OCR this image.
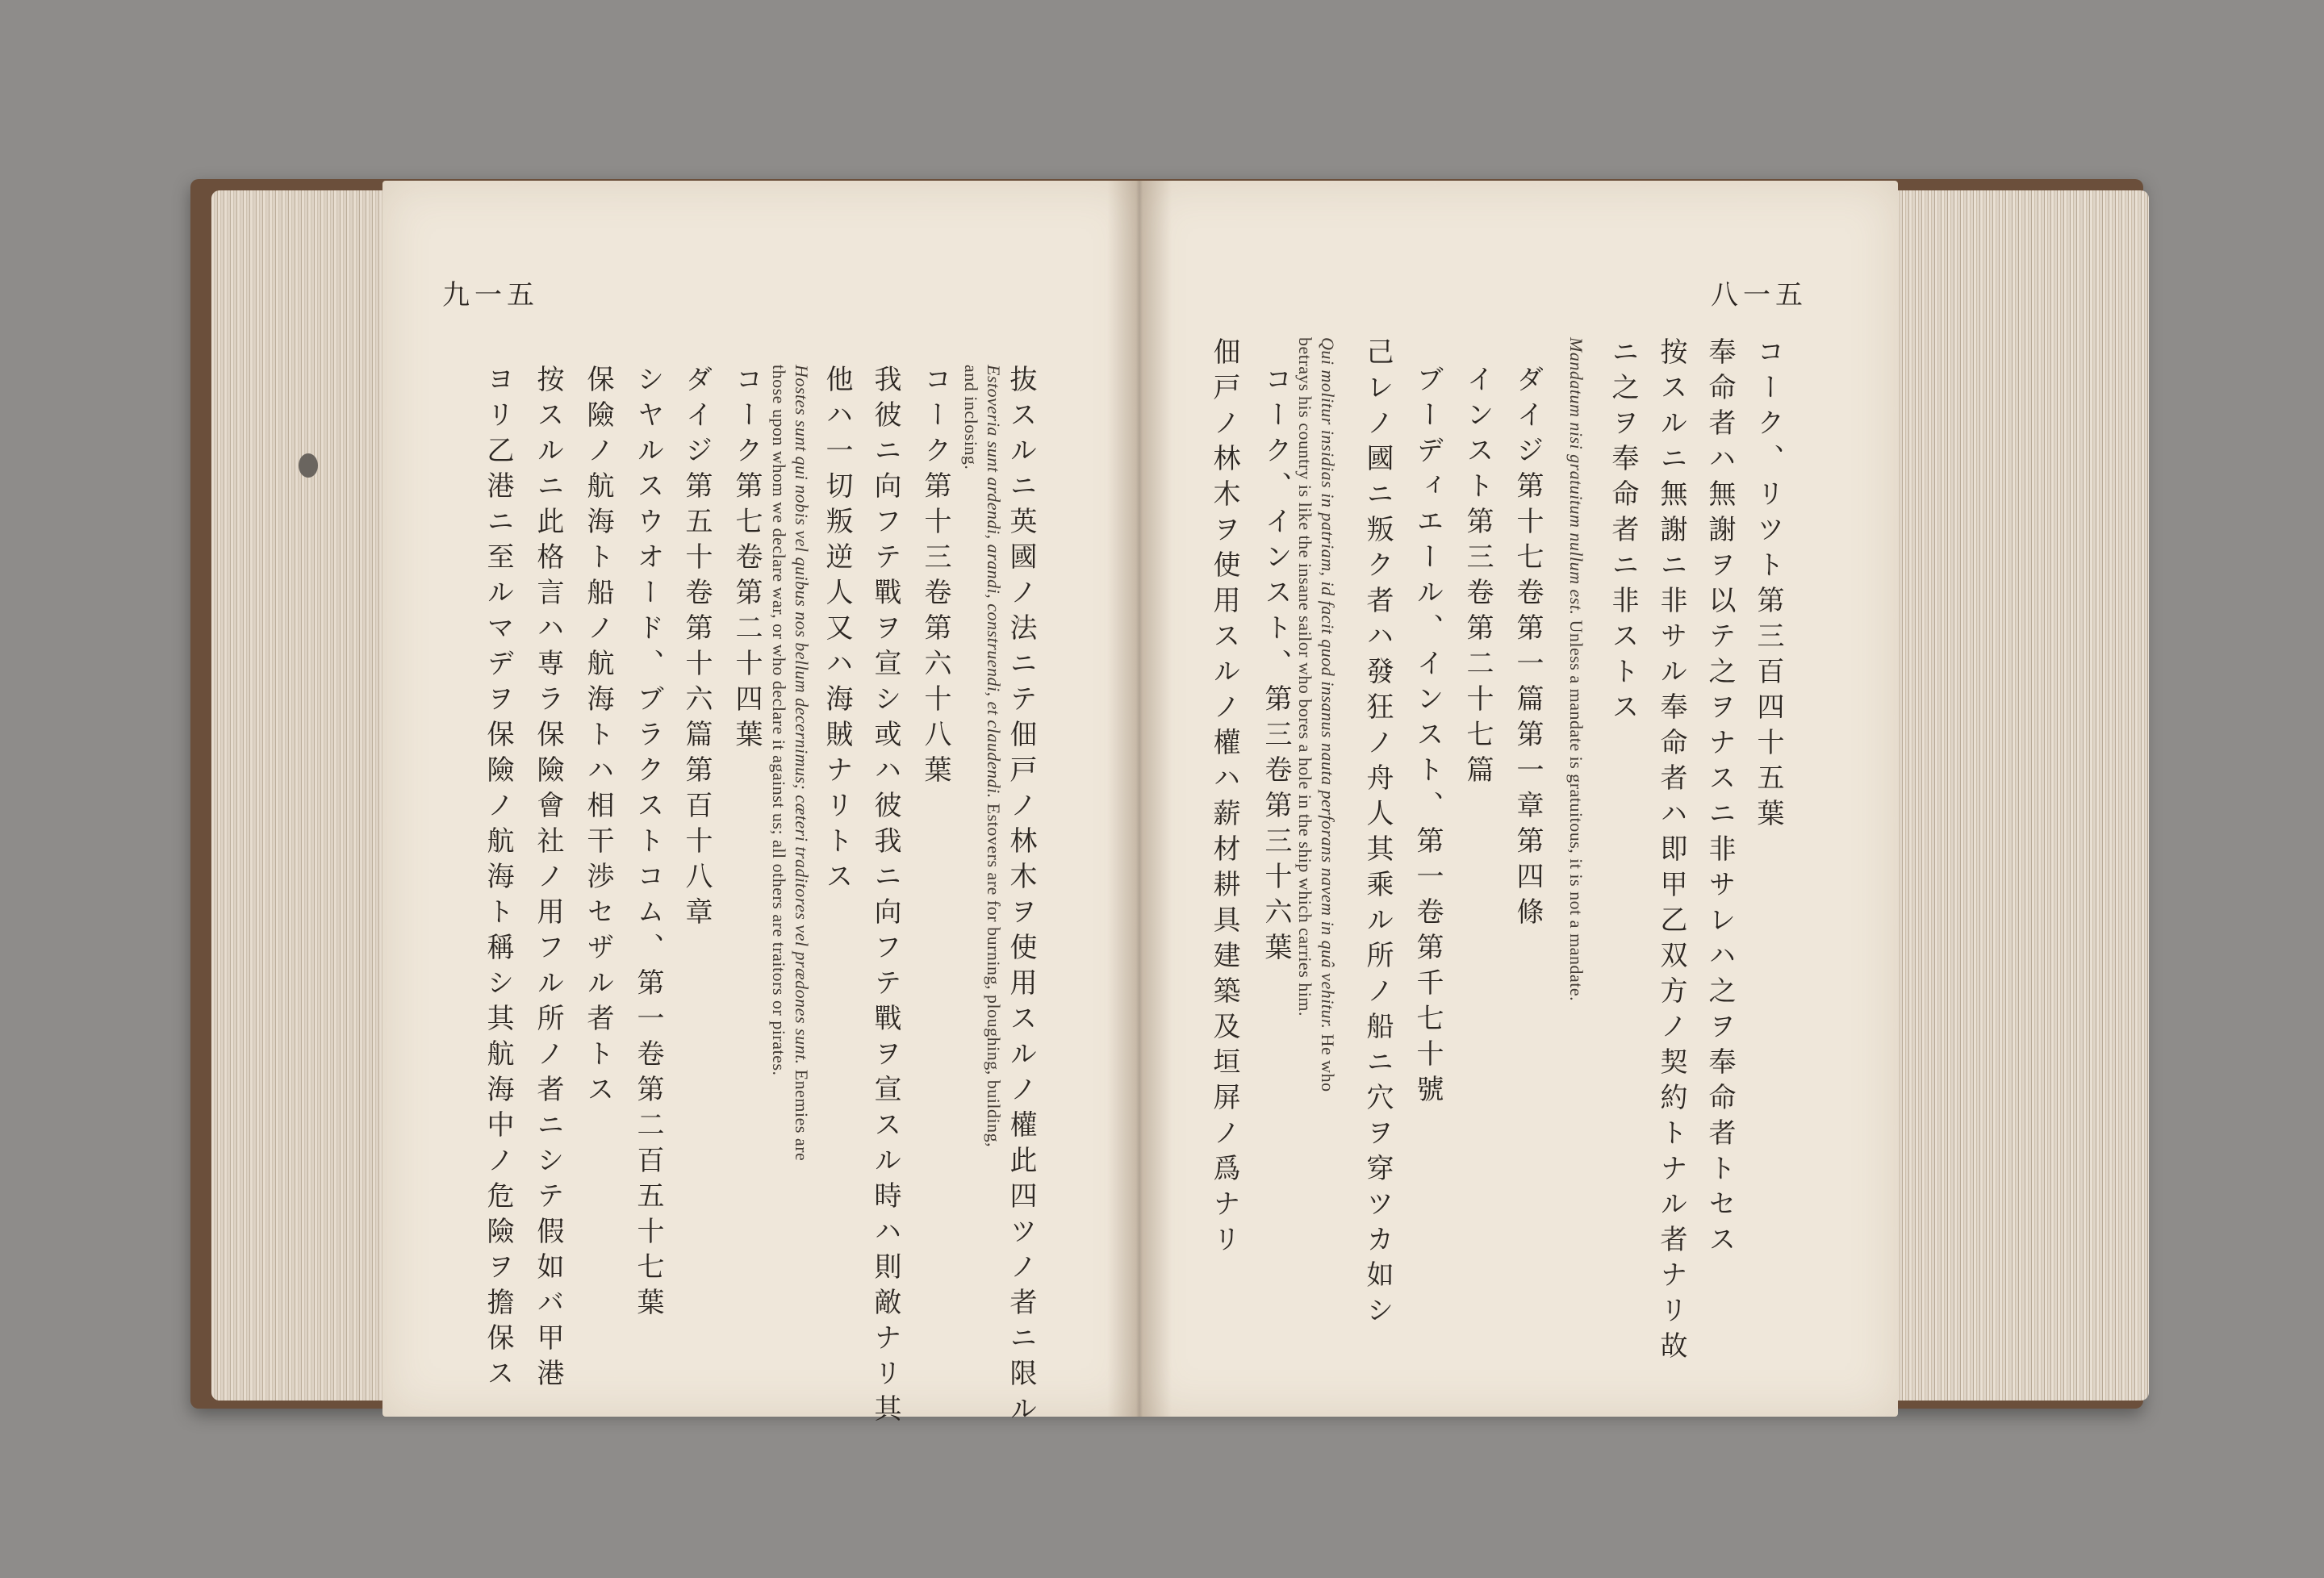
九一五	八一五
抜スルニ英國ノ法ニテ佃戸ノ林木ヲ使用スルノ權此四ツノ者ニ限ル
Estoveria sunt ardendi, arandi, construendi, et claudendi. Estovers are for burning, ploughing, building,
and inclosing.
コーク第十三卷第六十八葉
我彼ニ向フテ戰ヲ宣シ或ハ彼我ニ向フテ戰ヲ宣スル時ハ則敵ナリ其
他ハ一切叛逆人又ハ海賊ナリトス
Hostes sunt qui nobis vel quibus nos bellum decernimus; cæteri traditores vel prædones sunt. Enemies are
those upon whom we declare war, or who declare it against us; all others are traitors or pirates.
コーク第七卷第二十四葉
ダイジ第五十卷第十六篇第百十八章
シヤルスウオード、ブラクストコム、第一卷第二百五十七葉
保險ノ航海ト船ノ航海トハ相干渉セザル者トス
按スルニ此格言ハ専ラ保險會社ノ用フル所ノ者ニシテ假如バ甲港
ヨリ乙港ニ至ルマデヲ保險ノ航海ト稱シ其航海中ノ危險ヲ擔保ス	コーク、リツト第三百四十五葉
奉命者ハ無謝ヲ以テ之ヲナスニ非サレハ之ヲ奉命者トセス
按スルニ無謝ニ非サル奉命者ハ即甲乙双方ノ契約トナル者ナリ故
ニ之ヲ奉命者ニ非ストス
Mandatum nisi gratuitum nullum est. Unless a mandate is gratuitous, it is not a mandate.
ダイジ第十七卷第一篇第一章第四條
インスト第三卷第二十七篇
ブーディエール、インスト、第一卷第千七十號
己レノ國ニ叛ク者ハ發狂ノ舟人其乘ル所ノ船ニ穴ヲ穿ツカ如シ
Qui molitur insidias in patriam, id facit quod insanus nauta perforans navem in quâ vehitur. He who
betrays his country is like the insane sailor who bores a hole in the ship which carries him.
コーク、インスト、第三卷第三十六葉
佃戸ノ林木ヲ使用スルノ權ハ薪材耕具建築及垣屏ノ爲ナリ
